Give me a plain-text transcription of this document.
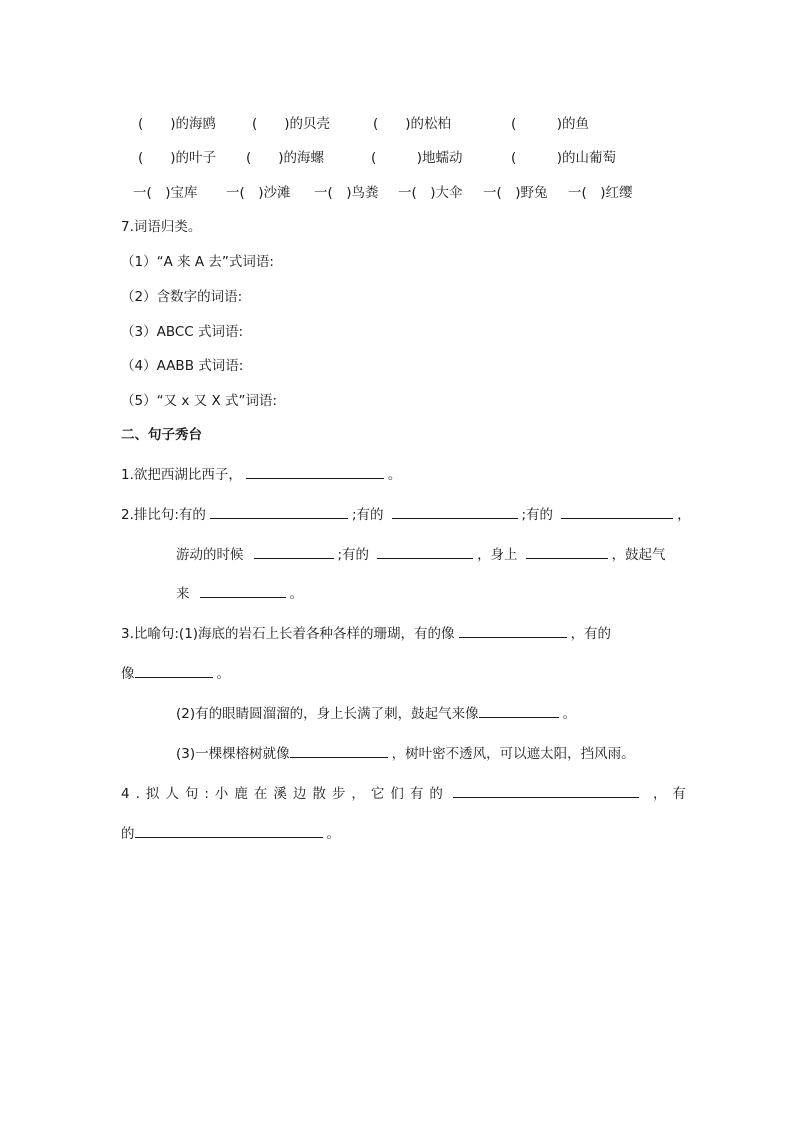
(　　)的海鸥	(　　)的贝壳	(　　)的松柏	(　　　)的鱼
(　　)的叶子 (　　)的海螺	(　　　)地蠕动	(　　　)的山葡萄
一(　)宝库 一(　)沙滩 一(　)鸟粪 一(　)大伞 一(　)野兔 一(　)红缨
7.词语归类。
（1）“A 来 A 去”式词语:
（2）含数字的词语:
（3）ABCC 式词语:
（4）AABB 式词语:
（5）“又 x 又 X 式”词语:
二、句子秀台
1.欲把西湖比西子，	。
2.排比句:有的	;有的	;有的	，
游动的时候	;有的	，身上	，鼓起气
来	。
3.比喻句:(1)海底的岩石上长着各种各样的珊瑚，有的像	，有的
像	。
(2)有的眼睛圆溜溜的，身上长满了刺，鼓起气来像	。
(3)一棵棵榕树就像	，树叶密不透风，可以遮太阳，挡风雨。
4.拟人句:小鹿在溪边散步，它们有的	，有
的	。
